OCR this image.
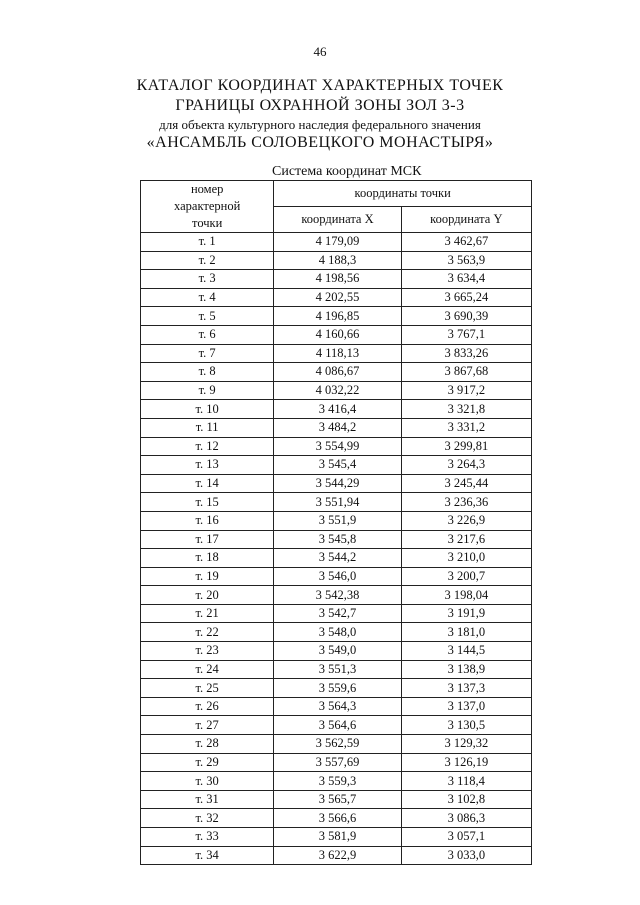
46
КАТАЛОГ КООРДИНАТ ХАРАКТЕРНЫХ ТОЧЕК
ГРАНИЦЫ ОХРАННОЙ ЗОНЫ ЗОЛ 3-3
для объекта культурного наследия федерального значения
«АНСАМБЛЬ СОЛОВЕЦКОГО МОНАСТЫРЯ»
Система координат МСК
номер
характерной
точки	координаты точки	
	координата X	координата Y
т. 1	4 179,09	3 462,67
т. 2	4 188,3	3 563,9
т. 3	4 198,56	3 634,4
т. 4	4 202,55	3 665,24
т. 5	4 196,85	3 690,39
т. 6	4 160,66	3 767,1
т. 7	4 118,13	3 833,26
т. 8	4 086,67	3 867,68
т. 9	4 032,22	3 917,2
т. 10	3 416,4	3 321,8
т. 11	3 484,2	3 331,2
т. 12	3 554,99	3 299,81
т. 13	3 545,4	3 264,3
т. 14	3 544,29	3 245,44
т. 15	3 551,94	3 236,36
т. 16	3 551,9	3 226,9
т. 17	3 545,8	3 217,6
т. 18	3 544,2	3 210,0
т. 19	3 546,0	3 200,7
т. 20	3 542,38	3 198,04
т. 21	3 542,7	3 191,9
т. 22	3 548,0	3 181,0
т. 23	3 549,0	3 144,5
т. 24	3 551,3	3 138,9
т. 25	3 559,6	3 137,3
т. 26	3 564,3	3 137,0
т. 27	3 564,6	3 130,5
т. 28	3 562,59	3 129,32
т. 29	3 557,69	3 126,19
т. 30	3 559,3	3 118,4
т. 31	3 565,7	3 102,8
т. 32	3 566,6	3 086,3
т. 33	3 581,9	3 057,1
т. 34	3 622,9	3 033,0
